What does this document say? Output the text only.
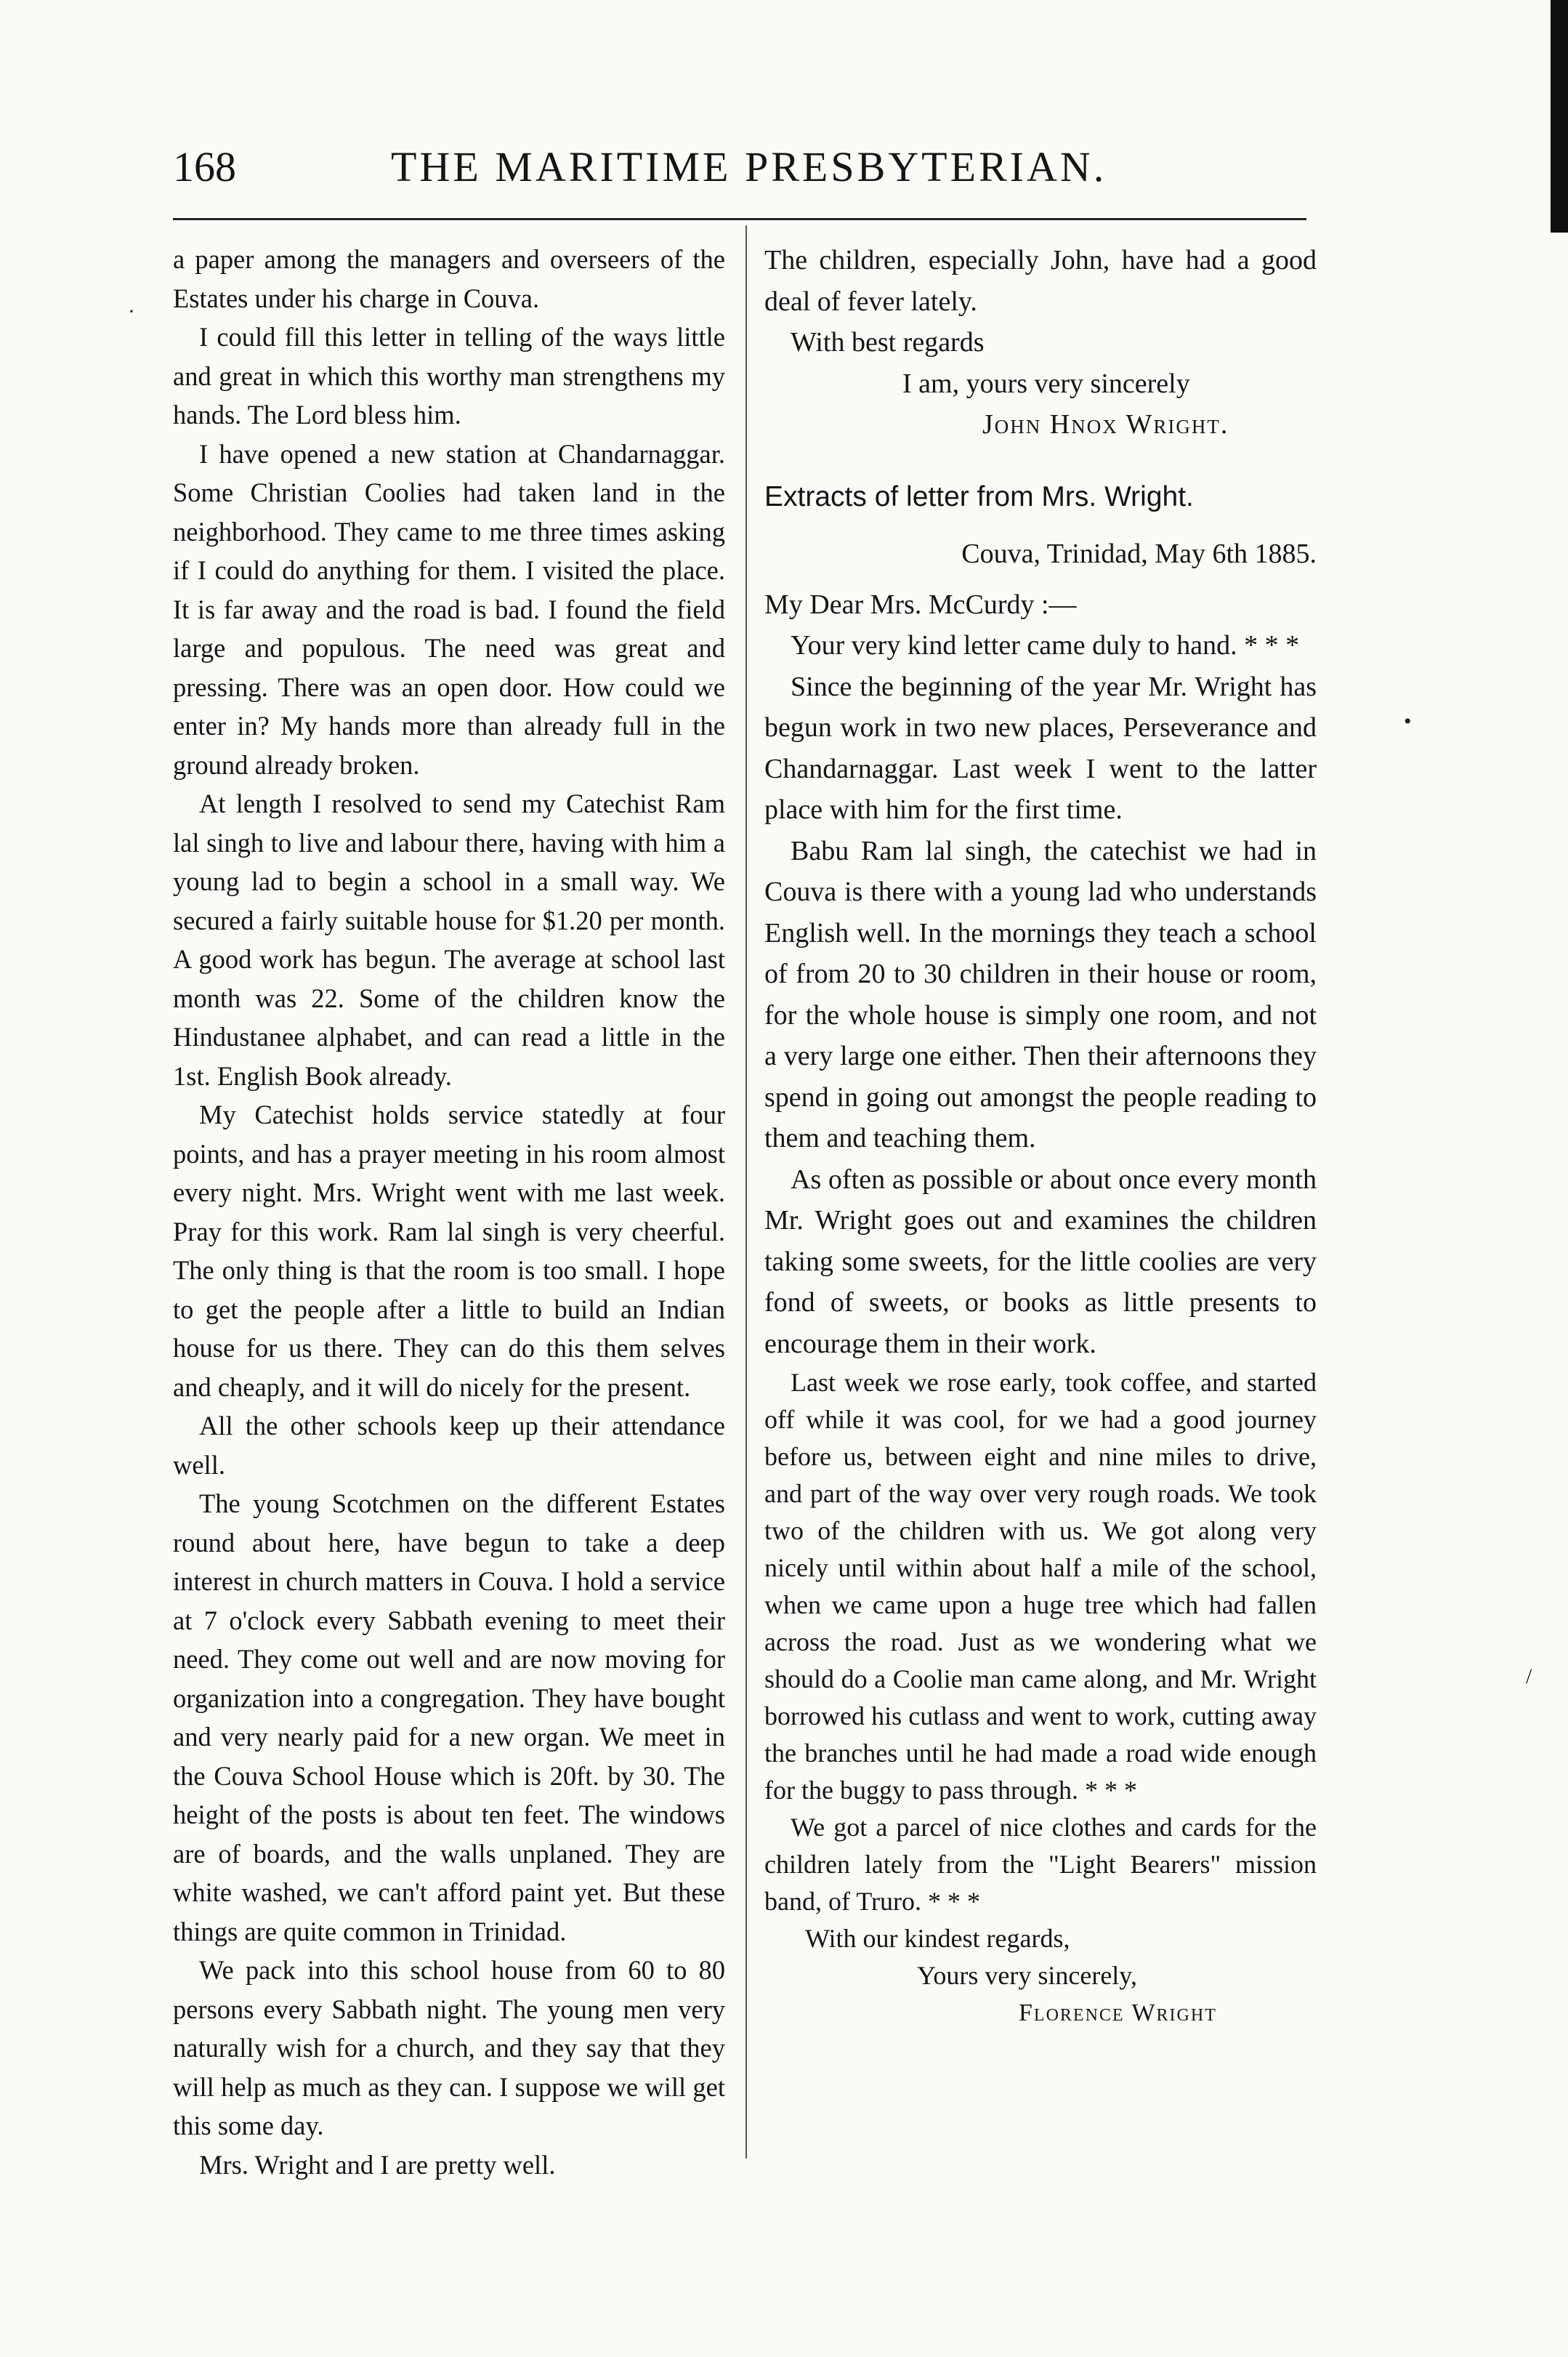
168	THE MARITIME PRESBYTERIAN.

a paper among the managers and overseers of the Estates under his charge in Couva.

I could fill this letter in telling of the ways little and great in which this worthy man strengthens my hands. The Lord bless him.

I have opened a new station at Chandarnaggar. Some Christian Coolies had taken land in the neighborhood. They came to me three times asking if I could do anything for them. I visited the place. It is far away and the road is bad. I found the field large and populous. The need was great and pressing. There was an open door. How could we enter in? My hands more than already full in the ground already broken.

At length I resolved to send my Catechist Ram lal singh to live and labour there, having with him a young lad to begin a school in a small way. We secured a fairly suitable house for $1.20 per month. A good work has begun. The average at school last month was 22. Some of the children know the Hindustanee alphabet, and can read a little in the 1st. English Book already.

My Catechist holds service statedly at four points, and has a prayer meeting in his room almost every night. Mrs. Wright went with me last week. Pray for this work. Ram lal singh is very cheerful. The only thing is that the room is too small. I hope to get the people after a little to build an Indian house for us there. They can do this them selves and cheaply, and it will do nicely for the present.

All the other schools keep up their attendance well.

The young Scotchmen on the different Estates round about here, have begun to take a deep interest in church matters in Couva. I hold a service at 7 o'clock every Sabbath evening to meet their need. They come out well and are now moving for organization into a congregation. They have bought and very nearly paid for a new organ. We meet in the Couva School House which is 20ft. by 30. The height of the posts is about ten feet. The windows are of boards, and the walls unplaned. They are white washed, we can't afford paint yet. But these things are quite common in Trinidad.

We pack into this school house from 60 to 80 persons every Sabbath night. The young men very naturally wish for a church, and they say that they will help as much as they can. I suppose we will get this some day.

Mrs. Wright and I are pretty well.

The children, especially John, have had a good deal of fever lately.

With best regards

I am, yours very sincerely

John Hnox Wright.

Extracts of letter from Mrs. Wright.
Couva, Trinidad, May 6th 1885.

My Dear Mrs. McCurdy :—

Your very kind letter came duly to hand. * * *

Since the beginning of the year Mr. Wright has begun work in two new places, Perseverance and Chandarnaggar. Last week I went to the latter place with him for the first time.

Babu Ram lal singh, the catechist we had in Couva is there with a young lad who understands English well. In the mornings they teach a school of from 20 to 30 children in their house or room, for the whole house is simply one room, and not a very large one either. Then their afternoons they spend in going out amongst the people reading to them and teaching them.

As often as possible or about once every month Mr. Wright goes out and examines the children taking some sweets, for the little coolies are very fond of sweets, or books as little presents to encourage them in their work.

Last week we rose early, took coffee, and started off while it was cool, for we had a good journey before us, between eight and nine miles to drive, and part of the way over very rough roads. We took two of the children with us. We got along very nicely until within about half a mile of the school, when we came upon a huge tree which had fallen across the road. Just as we wondering what we should do a Coolie man came along, and Mr. Wright borrowed his cutlass and went to work, cutting away the branches until he had made a road wide enough for the buggy to pass through. * * *

We got a parcel of nice clothes and cards for the children lately from the "Light Bearers" mission band, of Truro. * * *

With our kindest regards,

Yours very sincerely,

Florence Wright

·
•
/
